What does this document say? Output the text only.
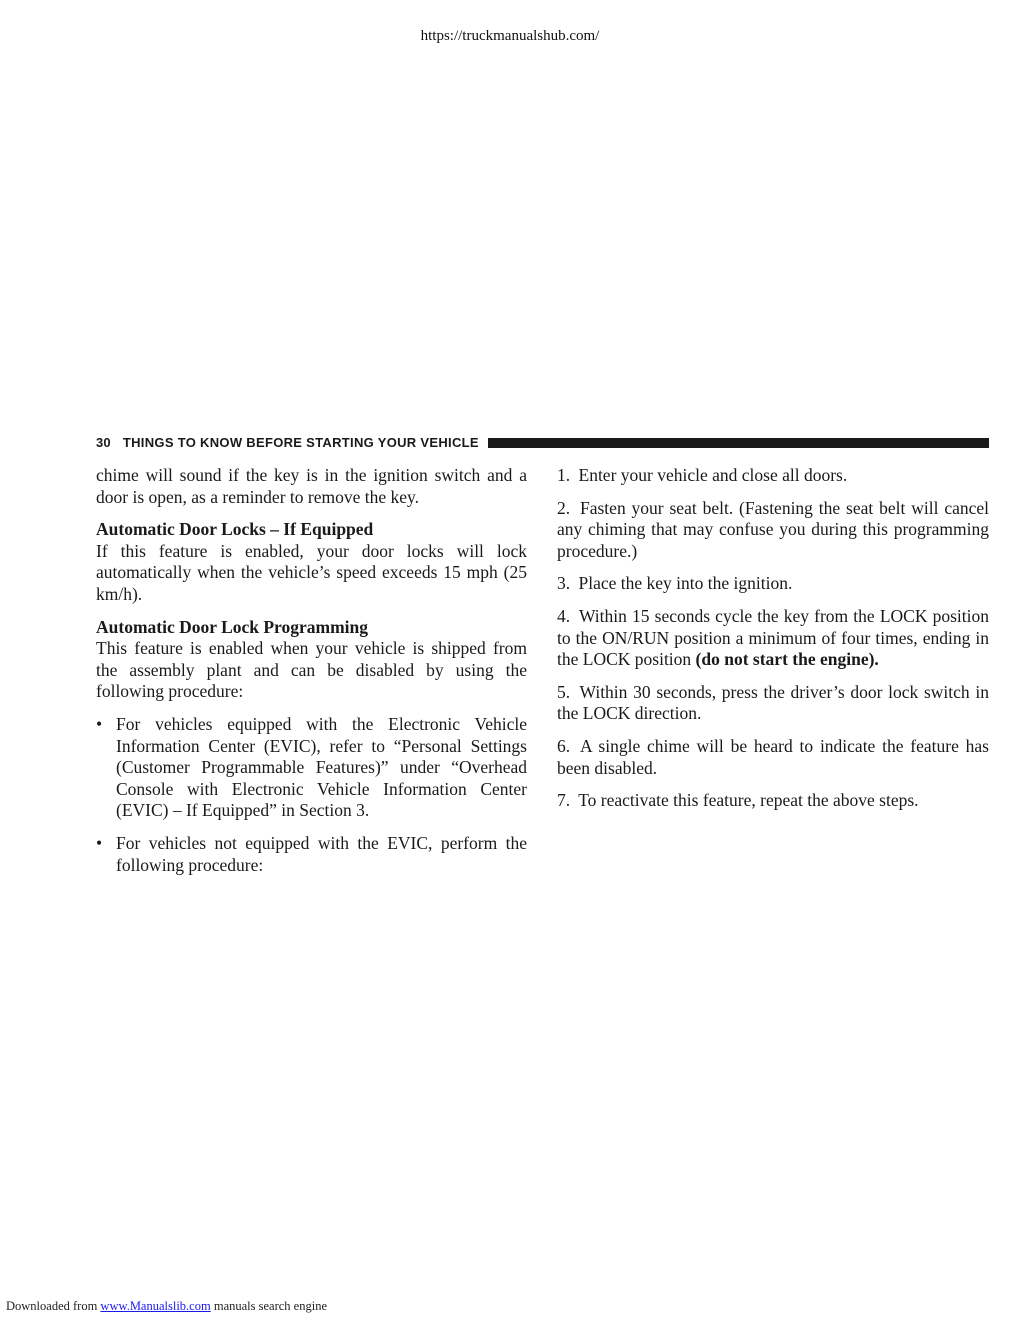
https://truckmanualshub.com/
30 THINGS TO KNOW BEFORE STARTING YOUR VEHICLE

chime will sound if the key is in the ignition switch and a door is open, as a reminder to remove the key.

Automatic Door Locks – If Equipped

If this feature is enabled, your door locks will lock automatically when the vehicle’s speed exceeds 15 mph (25 km/h).

Automatic Door Lock Programming

This feature is enabled when your vehicle is shipped from the assembly plant and can be disabled by using the following procedure:

• For vehicles equipped with the Electronic Vehicle Information Center (EVIC), refer to “Personal Settings (Customer Programmable Features)” under “Overhead Console with Electronic Vehicle Information Center (EVIC) – If Equipped” in Section 3.
• For vehicles not equipped with the EVIC, perform the following procedure:
1. Enter your vehicle and close all doors.
2. Fasten your seat belt. (Fastening the seat belt will cancel any chiming that may confuse you during this programming procedure.)
3. Place the key into the ignition.
4. Within 15 seconds cycle the key from the LOCK position to the ON/RUN position a minimum of four times, ending in the LOCK position (do not start the engine).
5. Within 30 seconds, press the driver’s door lock switch in the LOCK direction.
6. A single chime will be heard to indicate the feature has been disabled.
7. To reactivate this feature, repeat the above steps.
Downloaded from www.Manualslib.com manuals search engine
